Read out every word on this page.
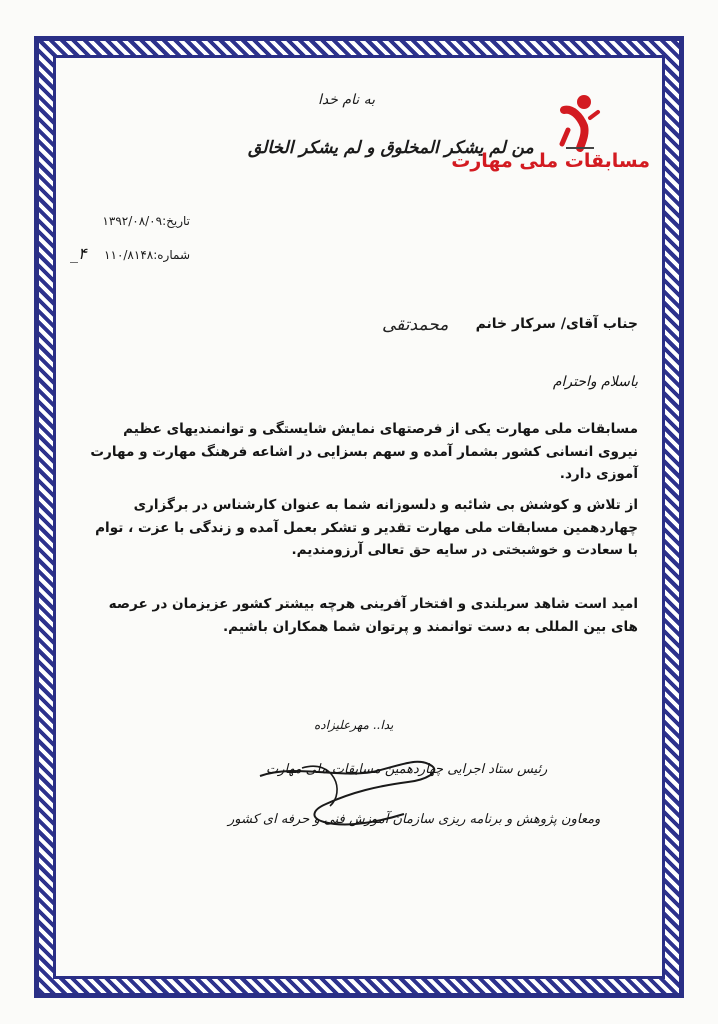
به نام خدا
من لم یشکر المخلوق و لم یشکر الخالق
مسابقات ملی مهارت
تاریخ:۱۳۹۲/۰۸/۰۹
شماره:۱۱۰/۸۱۴۸
_۴
جناب آقای/ سرکار خانم
محمدتقی
باسلام واحترام
مسابقات ملی مهارت یکی از فرصتهای نمایش شایستگی و توانمندیهای عظیم نیروی انسانی کشور بشمار آمده و سهم بسزایی در اشاعه فرهنگ مهارت و مهارت آموزی دارد.
از تلاش و کوشش بی شائبه و دلسوزانه شما به عنوان کارشناس در برگزاری چهاردهمین مسابقات ملی مهارت تقدیر و تشکر بعمل آمده و زندگی با عزت ، توام با سعادت و خوشبختی در سایه حق تعالی آرزومندیم.
امید است شاهد سربلندی و افتخار آفرینی هرچه بیشتر کشور عزیزمان در عرصه های بین المللی به دست توانمند و پرتوان شما همکاران باشیم.
یدا.. مهرعلیزاده
رئیس ستاد اجرایی چهاردهمین مسابقات ملی مهارت
ومعاون پژوهش و برنامه ریزی سازمان آموزش فنی و حرفه ای کشور
